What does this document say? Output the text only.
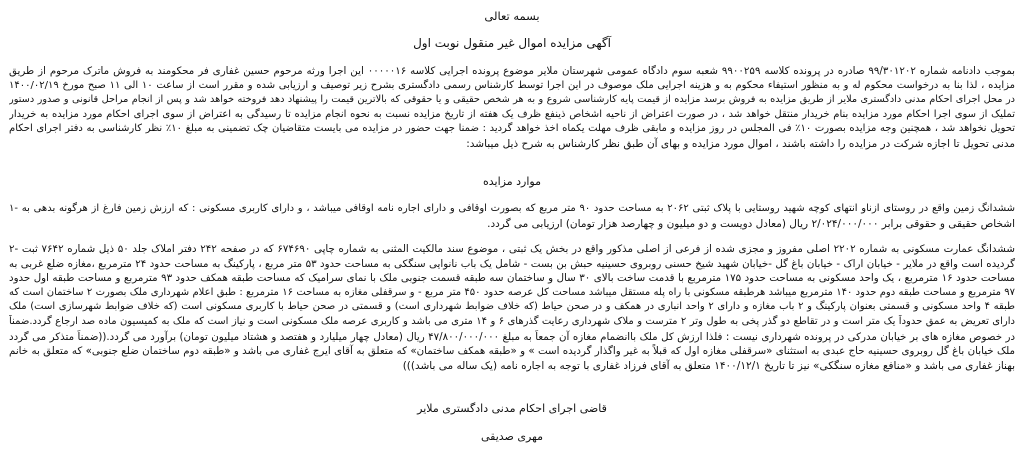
بسمه تعالی
آگهی مزایده اموال غیر منقول نوبت اول
بموجب دادنامه شماره ۹۹/۳۰۱۲۰۲ صادره در پرونده کلاسه ۹۹۰۰۲۵۹ شعبه سوم دادگاه عمومی شهرستان ملایر موضوع پرونده اجرایی کلاسه ۰۰۰۰۰۱۶ این اجرا ورثه مرحوم حسین غفاری فر محکومند به فروش ماترک مرحوم از طریق
مزایده ، لذا بنا به درخواست محکوم له و به منظور استیفاء محکوم به و هزینه اجرایی ملک موصوف در این اجرا توسط کارشناس رسمی دادگستری بشرح زیر توصیف و ارزیابی شده و مقرر است از ساعت ۱۰ الی ۱۱ صبح مورخ ۱۴۰۰/۰۲/۱۹
در محل اجرای احکام مدنی دادگستری ملایر از طریق مزایده به فروش برسد مزایده از قیمت پایه کارشناسی شروع و به هر شخص حقیقی و یا حقوقی که بالاترین قیمت را پیشنهاد دهد فروخته خواهد شد و پس از انجام مراحل قانونی و صدور دستور
تملیک از سوی اجرا احکام مورد مزایده بنام خریدار منتقل خواهد شد ، در صورت اعتراض از ناحیه اشخاص ذینفع ظرف یک هفته از تاریخ مزایده نسبت به نحوه انجام مزایده تا رسیدگی به اعتراض از سوی اجرای احکام مورد مزایده به خریدار
تحویل نخواهد شد ، همچنین وجه مزایده بصورت ۱۰٪ فی المجلس در روز مزایده و مابقی ظرف مهلت یکماه اخذ خواهد گردید : ضمنا جهت حضور در مزایده می بایست متقاضیان چک تضمینی به مبلغ ۱۰٪ نظر کارشناسی به دفتر اجرای احکام
مدنی تحویل تا اجازه شرکت در مزایده را داشته باشند ، اموال مورد مزایده و بهای آن طبق نظر کارشناس به شرح ذیل میباشد:
موارد مزایده
ششدانگ زمین واقع در روستای ازناو انتهای کوچه شهید روستایی با پلاک ثبتی ۲۰۶۲ به مساحت حدود ۹۰ متر مربع که بصورت اوقافی و دارای اجاره نامه اوقافی میباشد ، و دارای کاربری مسکونی : که ارزش زمین فارغ از هرگونه بدهی به -۱
اشخاص حقیقی و حقوقی برابر ۲/۰۲۴/۰۰۰/۰۰۰ ریال (معادل دویست و دو میلیون و چهارصد هزار تومان) ارزیابی می گردد.
ششدانگ عمارت مسکونی به شماره ۲۲۰۲ اصلی مفروز و مجزی شده از فرعی از اصلی مذکور واقع در بخش یک ثبتی ، موضوع سند مالکیت المثنی به شماره چاپی ۶۷۴۶۹۰ که در صفحه ۲۴۲ دفتر املاک جلد ۵۰ ذیل شماره ۷۶۴۲ ثبت -۲
گردیده است واقع در ملایر - خیابان اراک - خیابان باغ گل -خیابان شهید شیخ حسنی روبروی حسینیه حبش بن بست - شامل یک باب نانوایی سنگکی به مساحت حدود ۵۳ متر مربع ، پارکینگ به مساحت حدود ۲۴ مترمربع ،مغازه ضلع غربی به
مساحت حدود ۱۶ مترمربع ، یک واحد مسکونی به مساحت حدود ۱۷۵ مترمربع با قدمت ساخت بالای ۳۰ سال و ساختمان سه طبقه قسمت جنوبی ملک با نمای سرامیک که مساحت طبقه همکف حدود ۹۳ مترمربع و مساحت طبقه اول حدود
۹۷ مترمربع و مساحت طبقه دوم حدود ۱۴۰ مترمربع میباشد هرطبقه مسکونی با راه پله مستقل میباشد مساحت کل عرصه حدود ۴۵۰ متر مربع - و سرقفلی مغازه به مساحت ۱۶ مترمربع : طبق اعلام شهرداری ملک بصورت ۲ ساختمان است که
طبقه ۴ واحد مسکونی و قسمتی بعنوان پارکینگ و ۲ باب مغازه و دارای ۲ واحد انباری در همکف و در صحن حیاط (که خلاف ضوابط شهرداری است) و قسمتی در صحن حیاط با کاربری مسکونی است (که خلاف ضوابط شهرسازی است) ملک
دارای تعریض به عمق حدوداً یک متر است و در تقاطع دو گذر پخی به طول وتر ۲ مترست و ملاک شهرداری رعایت گذرهای ۶ و ۱۴ متری می باشد و کاربری عرصه ملک مسکونی است و نیاز است که ملک به کمیسیون ماده صد ارجاع گردد.ضمناً
در خصوص مغازه های بر خیابان مدرکی در پرونده شهرداری نیست : فلذا ارزش کل ملک باانضمام مغازه آن جمعاً به مبلغ ۴۷/۸۰۰/۰۰۰/۰۰۰ ریال (معادل چهار میلیارد و هفتصد و هشتاد میلیون تومان) برآورد می گردد.((ضمناً متذکر می گردد
ملک خیابان باغ گل روبروی حسینیه حاج عبدی به استثنای «سرقفلی مغازه اول که قبلاً به غیر واگذار گردیده است » و «طبقه همکف ساختمان» که متعلق به آقای ایرج غفاری می باشد و «طبقه دوم ساختمان ضلع جنوبی» که متعلق به خانم
بهناز غفاری می باشد و «منافع مغازه سنگکی» نیز تا تاریخ ۱۴۰۰/۱۲/۱ متعلق به آقای فرزاد غفاری با توجه به اجاره نامه (یک ساله می باشد)))
قاضی اجرای احکام مدنی دادگستری ملایر
مهری صدیقی
